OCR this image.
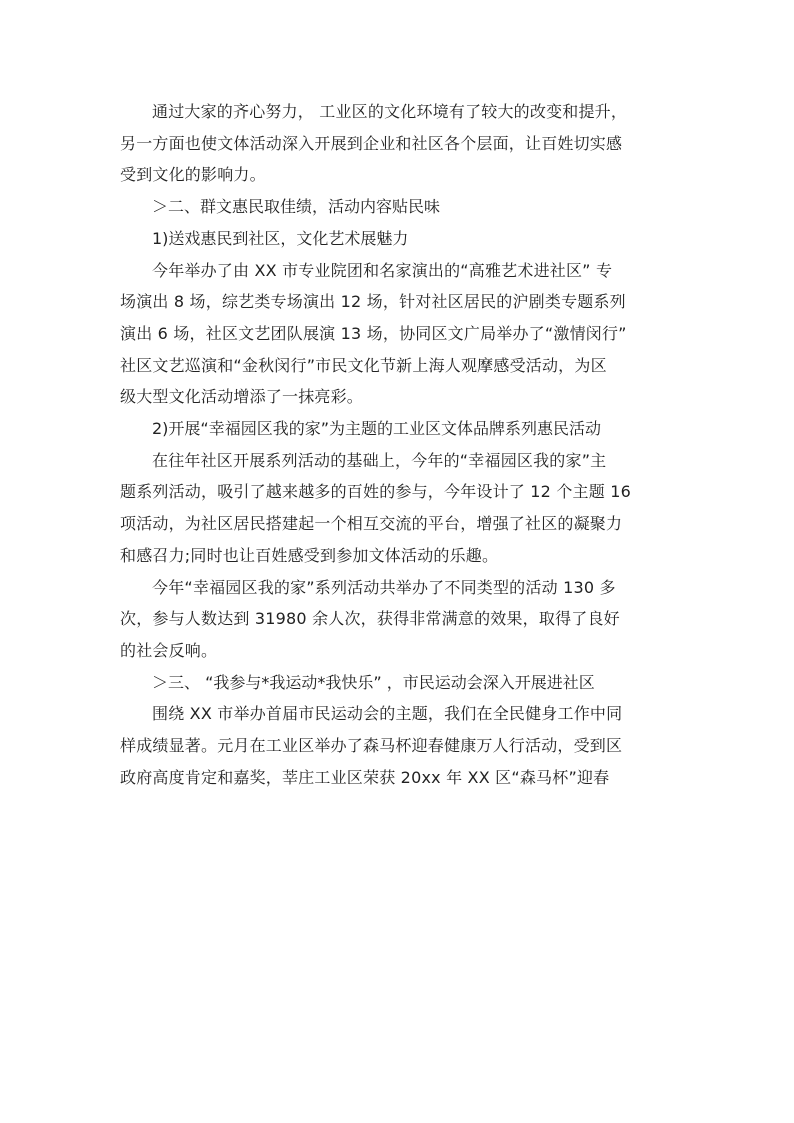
通过大家的齐心努力， 工业区的文化环境有了较大的改变和提升，
另一方面也使文体活动深入开展到企业和社区各个层面，让百姓切实感
受到文化的影响力。
＞二、群文惠民取佳绩，活动内容贴民味
1)送戏惠民到社区，文化艺术展魅力
今年举办了由 XX 市专业院团和名家演出的“高雅艺术进社区” 专
场演出 8 场，综艺类专场演出 12 场，针对社区居民的沪剧类专题系列
演出 6 场，社区文艺团队展演 13 场，协同区文广局举办了“激情闵行”
社区文艺巡演和“金秋闵行”市民文化节新上海人观摩感受活动，为区
级大型文化活动增添了一抹亮彩。
2)开展“幸福园区我的家”为主题的工业区文体品牌系列惠民活动
在往年社区开展系列活动的基础上，今年的“幸福园区我的家”主
题系列活动，吸引了越来越多的百姓的参与，今年设计了 12 个主题 16
项活动，为社区居民搭建起一个相互交流的平台，增强了社区的凝聚力
和感召力;同时也让百姓感受到参加文体活动的乐趣。
今年“幸福园区我的家”系列活动共举办了不同类型的活动 130 多
次，参与人数达到 31980 余人次，获得非常满意的效果，取得了良好
的社会反响。
＞三、 “我参与*我运动*我快乐” ，市民运动会深入开展进社区
围绕 XX 市举办首届市民运动会的主题，我们在全民健身工作中同
样成绩显著。元月在工业区举办了森马杯迎春健康万人行活动，受到区
政府高度肯定和嘉奖，莘庄工业区荣获 20xx 年 XX 区“森马杯”迎春
